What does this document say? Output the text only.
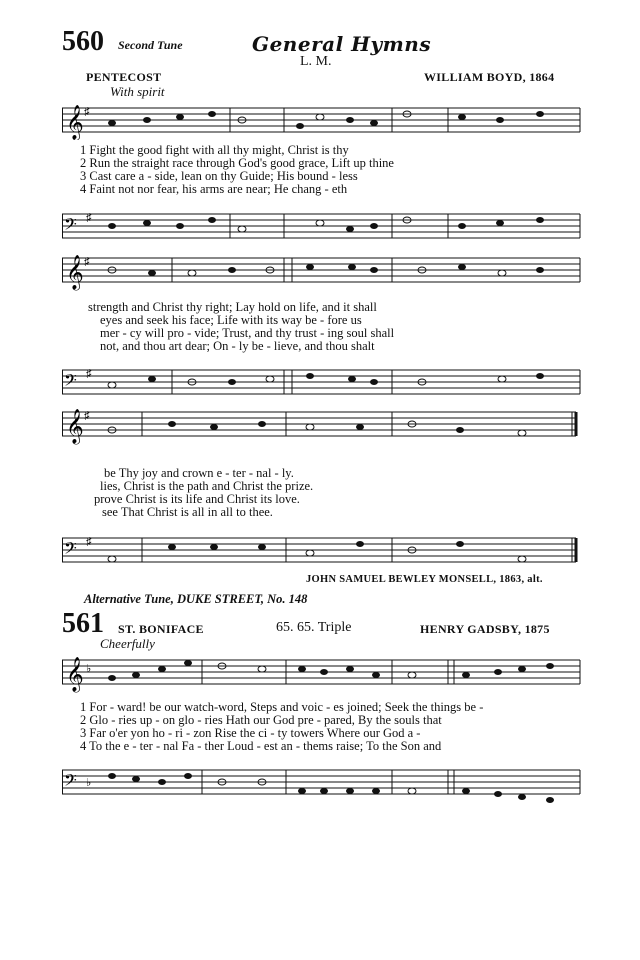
560 Second Tune	General Hymns
L. M.
PENTECOST	WILLIAM BOYD, 1864
With spirit
𝄞 ♯
1 Fight the good fight with all thy might, Christ is thy
2 Run the straight race through God's good grace, Lift up thine
3 Cast care a - side, lean on thy Guide; His bound - less
4 Faint not nor fear, his arms are near; He chang - eth
𝄢 ♯
𝄞 ♯
strength and Christ thy right; Lay hold on life, and it shall
eyes and seek his face; Life with its way be - fore us
mer - cy will pro - vide; Trust, and thy trust - ing soul shall
not, and thou art dear; On - ly be - lieve, and thou shalt
𝄢 ♯
𝄞 ♯
be Thy joy and crown e - ter - nal - ly.
lies, Christ is the path and Christ the prize.
prove Christ is its life and Christ its love.
see That Christ is all in all to thee.
𝄢 ♯
JOHN SAMUEL BEWLEY MONSELL, 1863, alt.
Alternative Tune, DUKE STREET, No. 148
561 ST. BONIFACE	65. 65. Triple	HENRY GADSBY, 1875
Cheerfully
𝄞 ♭
1 For - ward! be our watch-word, Steps and voic - es joined; Seek the things be -
2 Glo - ries up - on glo - ries Hath our God pre - pared, By the souls that
3 Far o'er yon ho - ri - zon Rise the ci - ty towers Where our God a -
4 To the e - ter - nal Fa - ther Loud - est an - thems raise; To the Son and
𝄢 ♭
